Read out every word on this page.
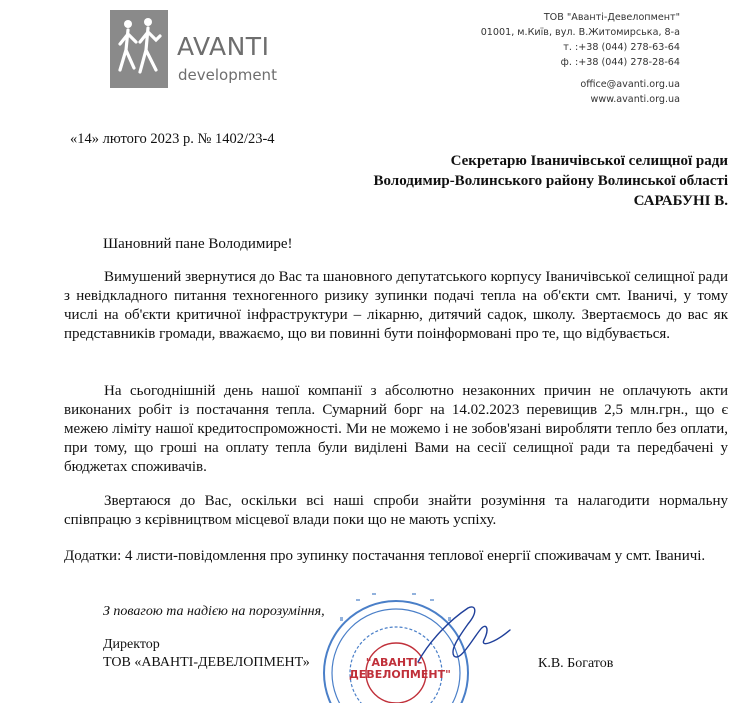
AVANTI
development
ТОВ "Аванті-Девелопмент"
01001, м.Київ, вул. В.Житомирська, 8-а
т. :+38 (044) 278-63-64
ф. :+38 (044) 278-28-64
office@avanti.org.ua
www.avanti.org.ua
«14» лютого 2023 р. № 1402/23-4
Секретарю Іваничівської селищної ради
Володимир-Волинського району Волинської області
САРАБУНІ В.
Шановний пане Володимире!
Вимушений звернутися до Вас та шановного депутатського корпусу Іваничівської селищної ради з невідкладного питання техногенного ризику зупинки подачі тепла на об'єкти смт. Іваничі, у тому числі на об'єкти критичної інфраструктури – лікарню, дитячий садок, школу. Звертаємось до вас як представників громади, вважаємо, що ви повинні бути поінформовані про те, що відбувається.
На сьогоднішній день нашої компанії з абсолютно незаконних причин не оплачують акти виконаних робіт із постачання тепла. Сумарний борг на 14.02.2023 перевищив 2,5 млн.грн., що є межею ліміту нашої кредитоспроможності. Ми не можемо і не зобов'язані виробляти тепло без оплати, при тому, що гроші на оплату тепла були виділені Вами на сесії селищної ради та передбачені у бюджетах споживачів.
Звертаюся до Вас, оскільки всі наші спроби знайти розуміння та налагодити нормальну співпрацю з кєрівництвом місцевої влади поки що не мають успіху.
Додатки: 4 листи-повідомлення про зупинку постачання теплової енергії споживачам у смт. Іваничі.
"АВАНТІ-
ДЕВЕЛОПМЕНТ"
З повагою та надією на порозуміння,
Директор
ТОВ «АВАНТІ-ДЕВЕЛОПМЕНТ»	К.В. Богатов
